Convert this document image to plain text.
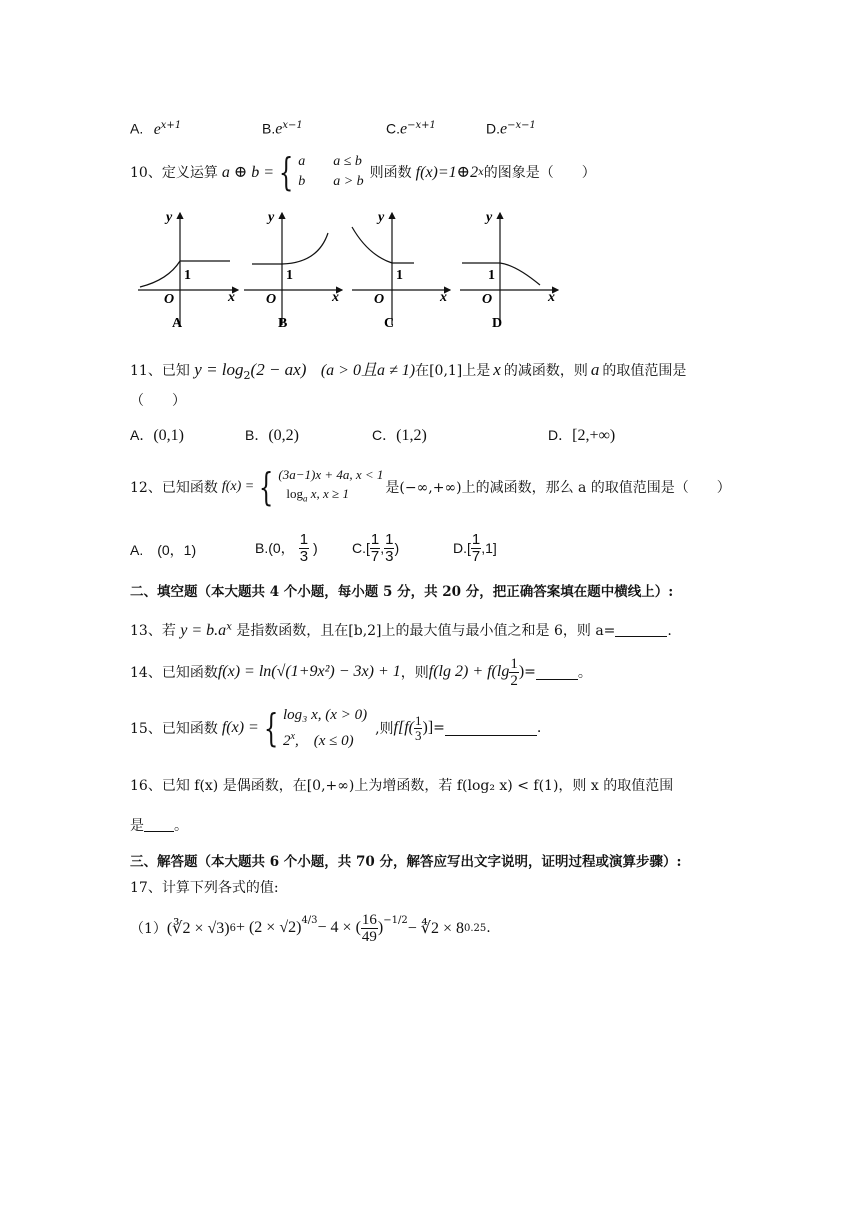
A. $e^{x+1}$	$B.e^{x-1}$	$C.e^{-x+1}$	$D.e^{-x-1}$
10、定义运算 a ⊕ b = { a a ≤ b
b a > b
则函数 f(x)=1⊕2 x 的图象是（　　）
y
x
O
1
A
y
x
O
1
B
y
x
O
1
C
y
x
O
1
D
11、已知 $y = \log_2(2 - ax) (a > 0$且a ≠ 1)在[0,1]上是 x 的减函数，则 a 的取值范围是
（　　）
A．(0,1)	B．(0,2)	C．(1,2)	D．[2,+∞)
12、已知函数 f(x) = { (3a−1)x + 4a, x < 1
$\log_a x$, x ≥ 1	是(−∞,+∞)上的减函数，那么 a 的取值范围是（　　）
A. (0，1)	B.(0， $\frac{1}{3}$ ) $C.[ \frac{1}{7}$ , $\frac{1}{3}$ )	$D.[ \frac{1}{7} ,1]$
二、填空题（本大题共 4 个小题，每小题 5 分，共 20 分，把正确答案填在题中横线上）:
13、若 $y = b.a^x$ 是指数函数，且在[b,2]上的最大值与最小值之和是 6，则 a=	.
14、已知函数 f(x) = ln(√(1+9x²) − 3x) + 1 ，则 f(lg $2) + f(\lg \frac{1}{2}$ ) =	。
15、已知函数 f(x) = { log₃ x, (x > 0)
2$^x$,　(x ≤ 0)
,则 $f[f( \frac{1}{3}$ )] =	.
16、已知 f(x) 是偶函数，在[0,+∞)上为增函数，若 f(log₂ x) < f(1)，则 x 的取值范围
是 。
三、解答题（本大题共 6 个小题，共 70 分，解答应写出文字说明，证明过程或演算步骤）:
17、计算下列各式的值:
（1） (∛2 × √3) $6 + (2 \times √2)^{4/3} - 4$ × ( $\frac{16}{49} )^{-1/2}$ − ∜2 × 8 0.25 .
